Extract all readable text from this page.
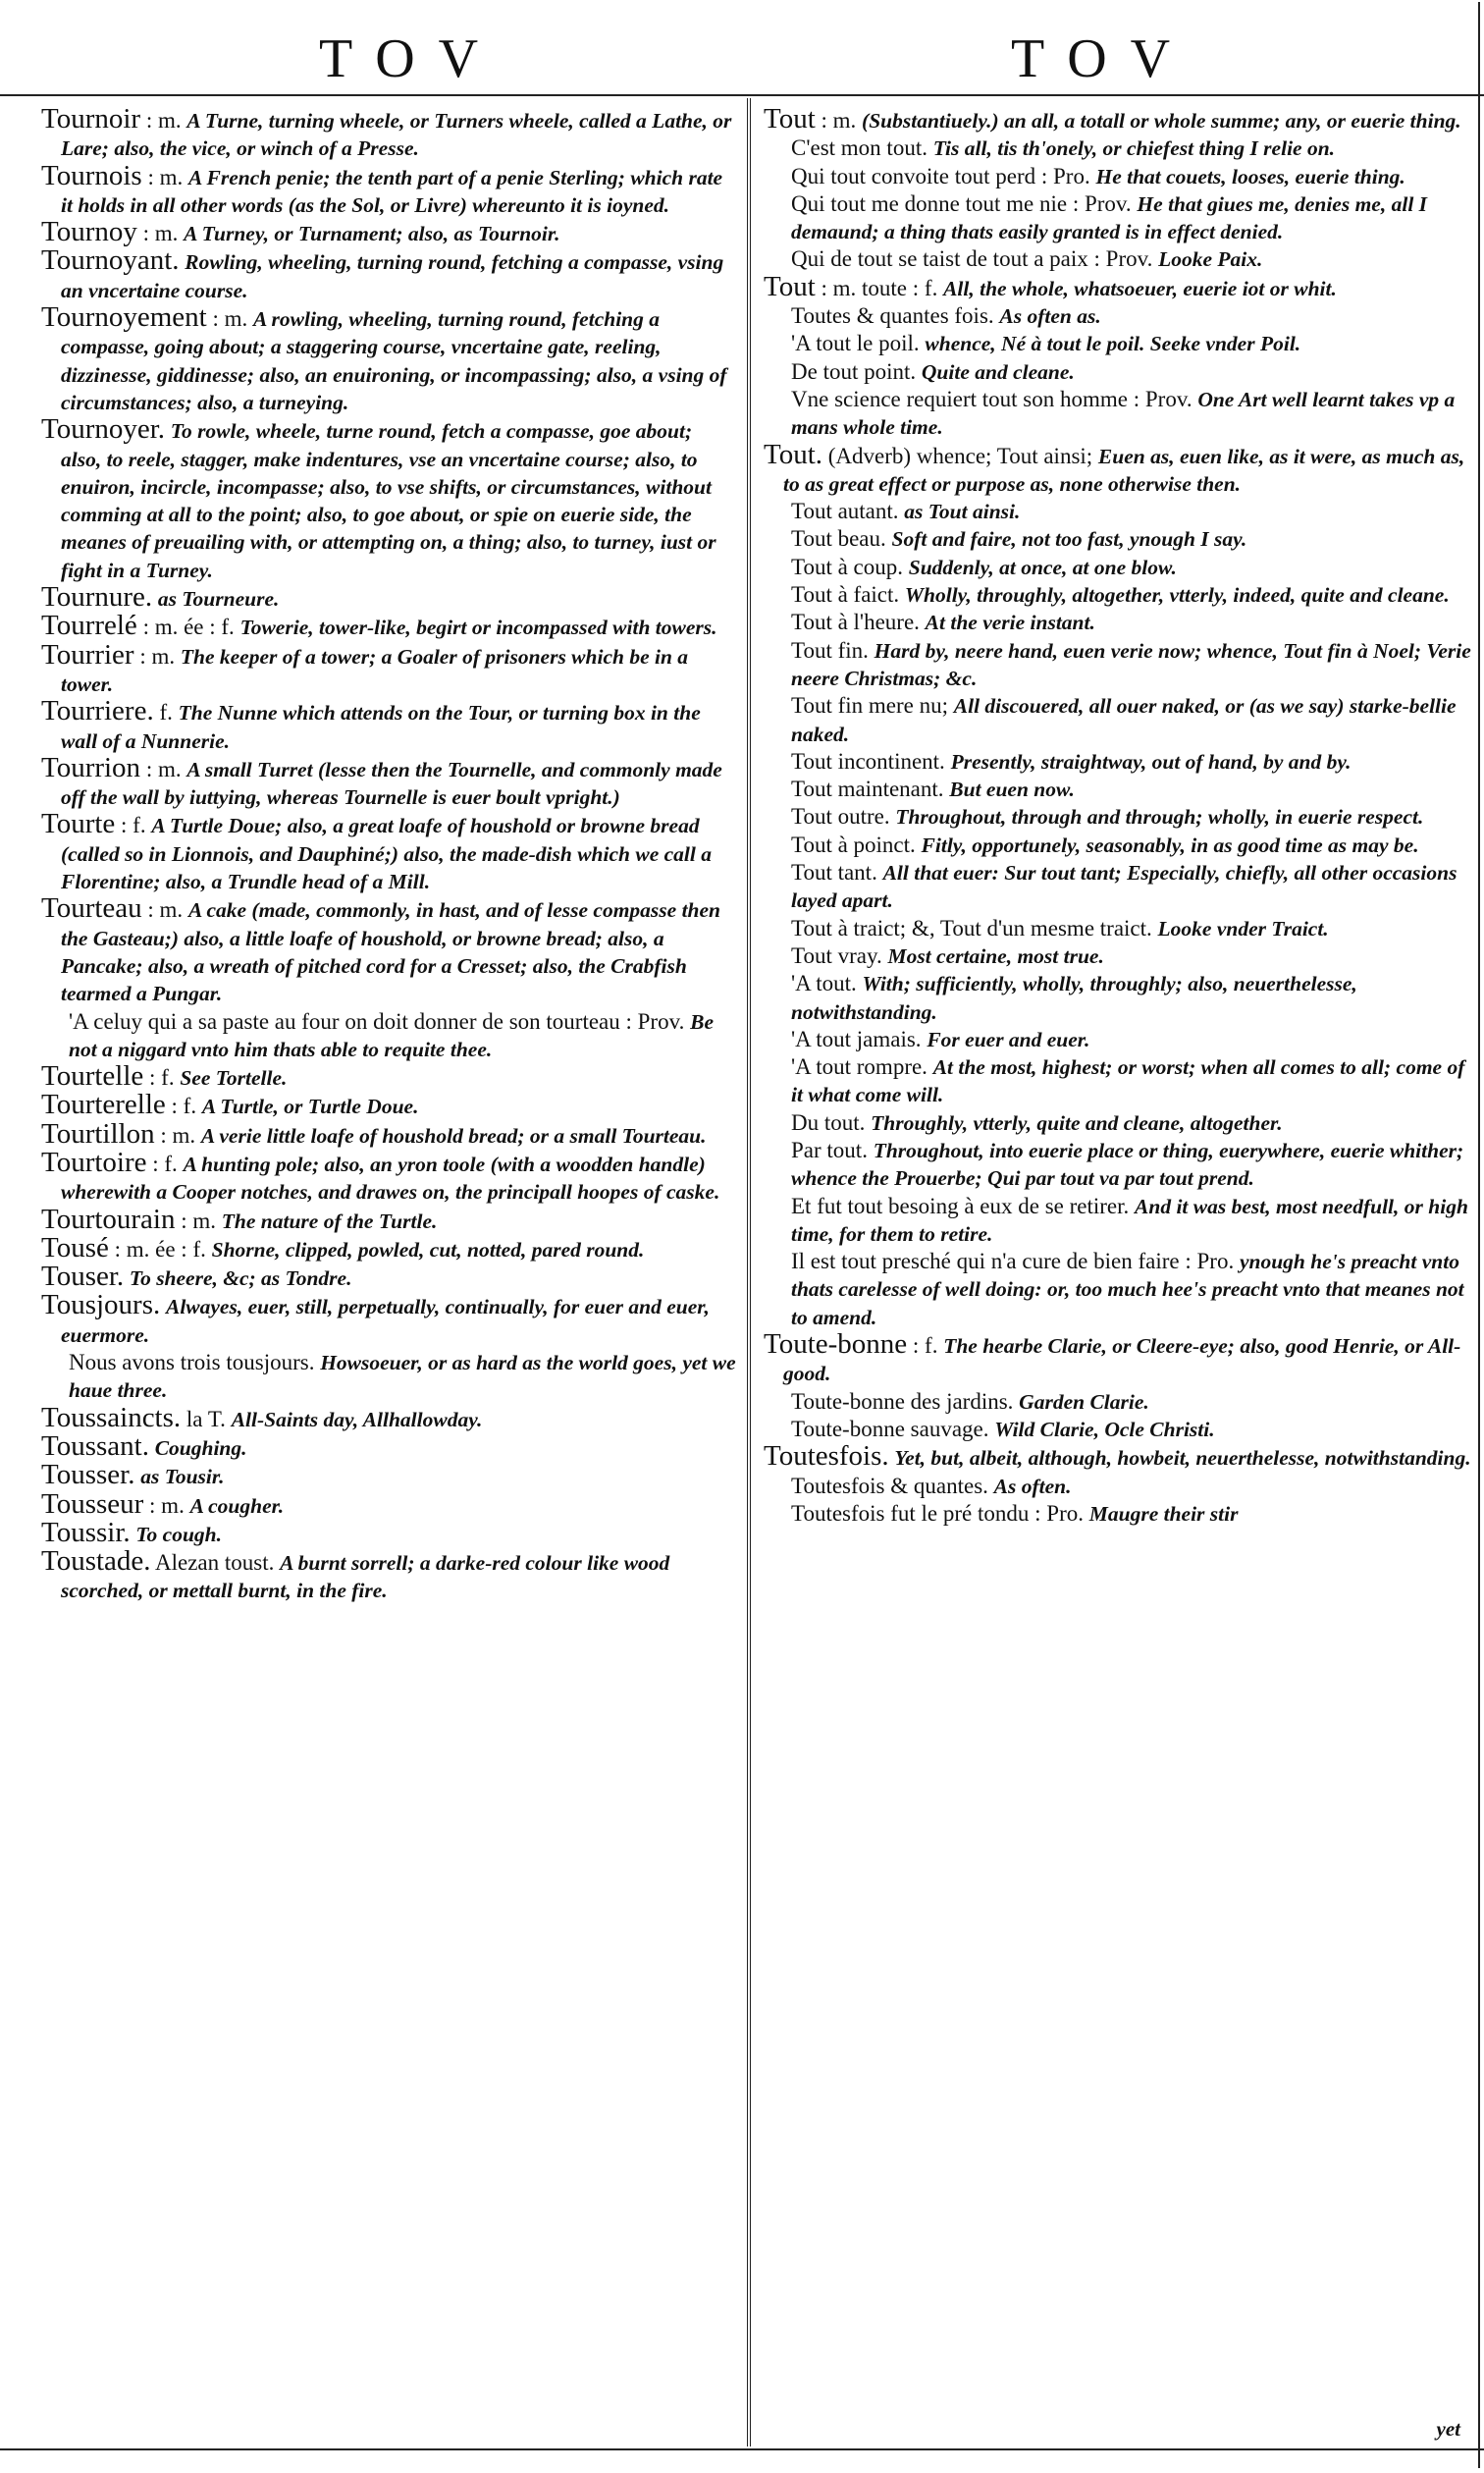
TOV	TOV

Tournoir : m. A Turne, turning wheele, or Turners wheele, called a Lathe, or Lare; also, the vice, or winch of a Presse.

Tournois : m. A French penie; the tenth part of a penie Sterling; which rate it holds in all other words (as the Sol, or Livre) whereunto it is ioyned.

Tournoy : m. A Turney, or Turnament; also, as Tournoir.

Tournoyant. Rowling, wheeling, turning round, fetching a compasse, vsing an vncertaine course.

Tournoyement : m. A rowling, wheeling, turning round, fetching a compasse, going about; a staggering course, vncertaine gate, reeling, dizzinesse, giddinesse; also, an enuironing, or incompassing; also, a vsing of circumstances; also, a turneying.

Tournoyer. To rowle, wheele, turne round, fetch a compasse, goe about; also, to reele, stagger, make indentures, vse an vncertaine course; also, to enuiron, incircle, incompasse; also, to vse shifts, or circumstances, without comming at all to the point; also, to goe about, or spie on euerie side, the meanes of preuailing with, or attempting on, a thing; also, to turney, iust or fight in a Turney.

Tournure. as Tourneure.

Tourrelé : m. ée : f. Towerie, tower-like, begirt or incompassed with towers.

Tourrier : m. The keeper of a tower; a Goaler of prisoners which be in a tower.

Tourriere. f. The Nunne which attends on the Tour, or turning box in the wall of a Nunnerie.

Tourrion : m. A small Turret (lesse then the Tournelle, and commonly made off the wall by iuttying, whereas Tournelle is euer boult vpright.)

Tourte : f. A Turtle Doue; also, a great loafe of houshold or browne bread (called so in Lionnois, and Dauphiné;) also, the made-dish which we call a Florentine; also, a Trundle head of a Mill.

Tourteau : m. A cake (made, commonly, in hast, and of lesse compasse then the Gasteau;) also, a little loafe of houshold, or browne bread; also, a Pancake; also, a wreath of pitched cord for a Cresset; also, the Crabfish tearmed a Pungar.

'A celuy qui a sa paste au four on doit donner de son tourteau : Prov. Be not a niggard vnto him thats able to requite thee.

Tourtelle : f. See Tortelle.

Tourterelle : f. A Turtle, or Turtle Doue.

Tourtillon : m. A verie little loafe of houshold bread; or a small Tourteau.

Tourtoire : f. A hunting pole; also, an yron toole (with a woodden handle) wherewith a Cooper notches, and drawes on, the principall hoopes of caske.

Tourtourain : m. The nature of the Turtle.

Tousé : m. ée : f. Shorne, clipped, powled, cut, notted, pared round.

Touser. To sheere, &c; as Tondre.

Tousjours. Alwayes, euer, still, perpetually, continually, for euer and euer, euermore.

Nous avons trois tousjours. Howsoeuer, or as hard as the world goes, yet we haue three.

Toussaincts. la T. All-Saints day, Allhallowday.

Toussant. Coughing.

Tousser. as Tousir.

Tousseur : m. A cougher.

Toussir. To cough.

Toustade. Alezan toust. A burnt sorrell; a darke-red colour like wood scorched, or mettall burnt, in the fire.

Tout : m. (Substantiuely.) an all, a totall or whole summe; any, or euerie thing.

C'est mon tout. Tis all, tis th'onely, or chiefest thing I relie on.

Qui tout convoite tout perd : Pro. He that couets, looses, euerie thing.

Qui tout me donne tout me nie : Prov. He that giues me, denies me, all I demaund; a thing thats easily granted is in effect denied.

Qui de tout se taist de tout a paix : Prov. Looke Paix.

Tout : m. toute : f. All, the whole, whatsoeuer, euerie iot or whit.

Toutes & quantes fois. As often as.

'A tout le poil. whence, Né à tout le poil. Seeke vnder Poil.

De tout point. Quite and cleane.

Vne science requiert tout son homme : Prov. One Art well learnt takes vp a mans whole time.

Tout. (Adverb) whence; Tout ainsi; Euen as, euen like, as it were, as much as, to as great effect or purpose as, none otherwise then.

Tout autant. as Tout ainsi.

Tout beau. Soft and faire, not too fast, ynough I say.

Tout à coup. Suddenly, at once, at one blow.

Tout à faict. Wholly, throughly, altogether, vtterly, indeed, quite and cleane.

Tout à l'heure. At the verie instant.

Tout fin. Hard by, neere hand, euen verie now; whence, Tout fin à Noel; Verie neere Christmas; &c.

Tout fin mere nu; All discouered, all ouer naked, or (as we say) starke-bellie naked.

Tout incontinent. Presently, straightway, out of hand, by and by.

Tout maintenant. But euen now.

Tout outre. Throughout, through and through; wholly, in euerie respect.

Tout à poinct. Fitly, opportunely, seasonably, in as good time as may be.

Tout tant. All that euer: Sur tout tant; Especially, chiefly, all other occasions layed apart.

Tout à traict; &, Tout d'un mesme traict. Looke vnder Traict.

Tout vray. Most certaine, most true.

'A tout. With; sufficiently, wholly, throughly; also, neuerthelesse, notwithstanding.

'A tout jamais. For euer and euer.

'A tout rompre. At the most, highest; or worst; when all comes to all; come of it what come will.

Du tout. Throughly, vtterly, quite and cleane, altogether.

Par tout. Throughout, into euerie place or thing, euerywhere, euerie whither; whence the Prouerbe; Qui par tout va par tout prend.

Et fut tout besoing à eux de se retirer. And it was best, most needfull, or high time, for them to retire.

Il est tout presché qui n'a cure de bien faire : Pro. ynough he's preacht vnto thats carelesse of well doing: or, too much hee's preacht vnto that meanes not to amend.

Toute-bonne : f. The hearbe Clarie, or Cleere-eye; also, good Henrie, or All-good.

Toute-bonne des jardins. Garden Clarie.

Toute-bonne sauvage. Wild Clarie, Ocle Christi.

Toutesfois. Yet, but, albeit, although, howbeit, neuerthelesse, notwithstanding.

Toutesfois & quantes. As often.

Toutesfois fut le pré tondu : Pro. Maugre their stir

yet
